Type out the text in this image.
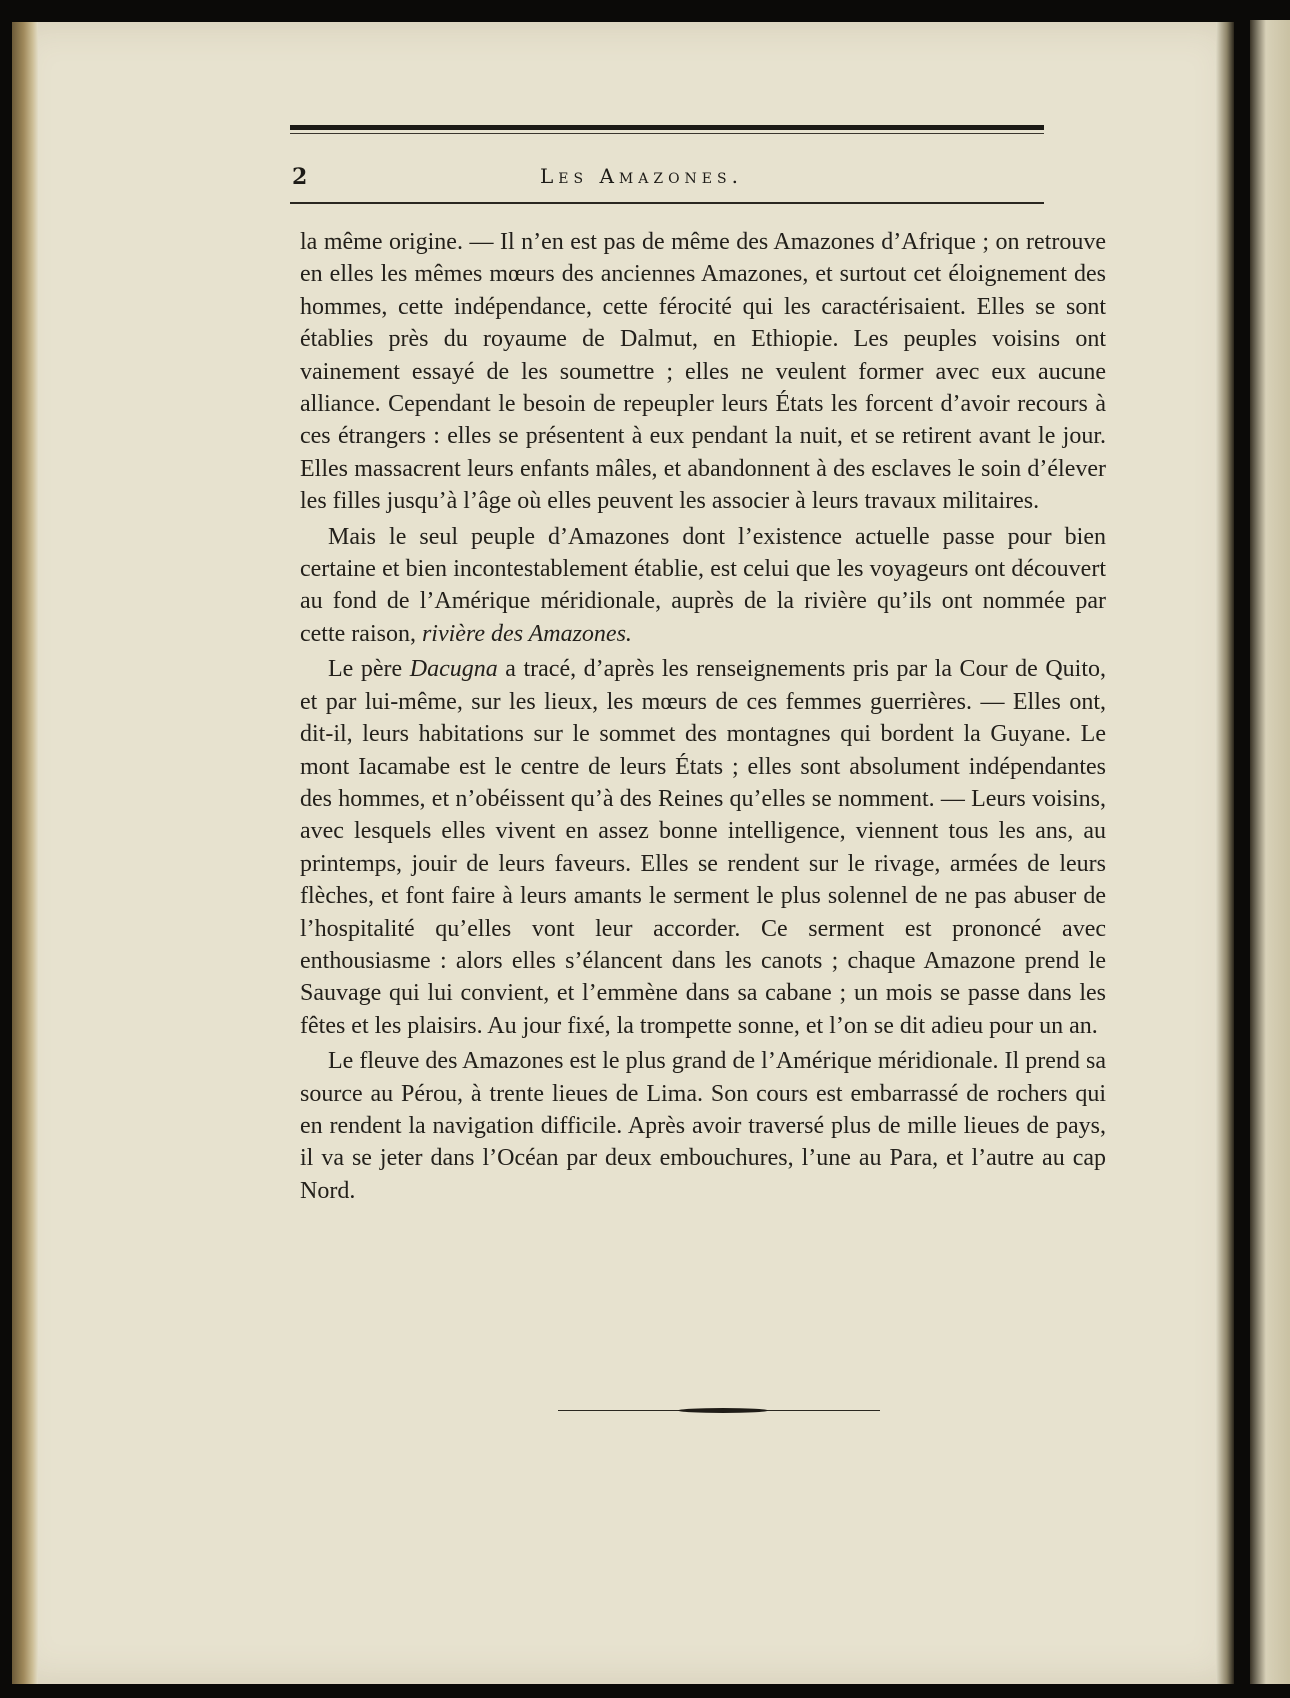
2	Les Amazones.

la même origine. — Il n’en est pas de même des Amazones d’Afrique ; on retrouve en elles les mêmes mœurs des anciennes Amazones, et surtout cet éloignement des hommes, cette indépendance, cette férocité qui les caractérisaient. Elles se sont établies près du royaume de Dalmut, en Ethiopie. Les peuples voisins ont vainement essayé de les soumettre ; elles ne veulent former avec eux aucune alliance. Cependant le besoin de repeupler leurs États les forcent d’avoir recours à ces étrangers : elles se présentent à eux pendant la nuit, et se retirent avant le jour. Elles massacrent leurs enfants mâles, et abandonnent à des esclaves le soin d’élever les filles jusqu’à l’âge où elles peuvent les associer à leurs travaux militaires.

Mais le seul peuple d’Amazones dont l’existence actuelle passe pour bien certaine et bien incontestablement établie, est celui que les voyageurs ont découvert au fond de l’Amérique méridionale, auprès de la rivière qu’ils ont nommée par cette raison, rivière des Amazones.

Le père Dacugna a tracé, d’après les renseignements pris par la Cour de Quito, et par lui-même, sur les lieux, les mœurs de ces femmes guerrières. — Elles ont, dit-il, leurs habitations sur le sommet des montagnes qui bordent la Guyane. Le mont Iacamabe est le centre de leurs États ; elles sont absolument indépendantes des hommes, et n’obéissent qu’à des Reines qu’elles se nomment. — Leurs voisins, avec lesquels elles vivent en assez bonne intelligence, viennent tous les ans, au printemps, jouir de leurs faveurs. Elles se rendent sur le rivage, armées de leurs flèches, et font faire à leurs amants le serment le plus solennel de ne pas abuser de l’hospitalité qu’elles vont leur accorder. Ce serment est prononcé avec enthousiasme : alors elles s’élancent dans les canots ; chaque Amazone prend le Sauvage qui lui convient, et l’emmène dans sa cabane ; un mois se passe dans les fêtes et les plaisirs. Au jour fixé, la trompette sonne, et l’on se dit adieu pour un an.

Le fleuve des Amazones est le plus grand de l’Amérique méridionale. Il prend sa source au Pérou, à trente lieues de Lima. Son cours est embarrassé de rochers qui en rendent la navigation difficile. Après avoir traversé plus de mille lieues de pays, il va se jeter dans l’Océan par deux embouchures, l’une au Para, et l’autre au cap Nord.
